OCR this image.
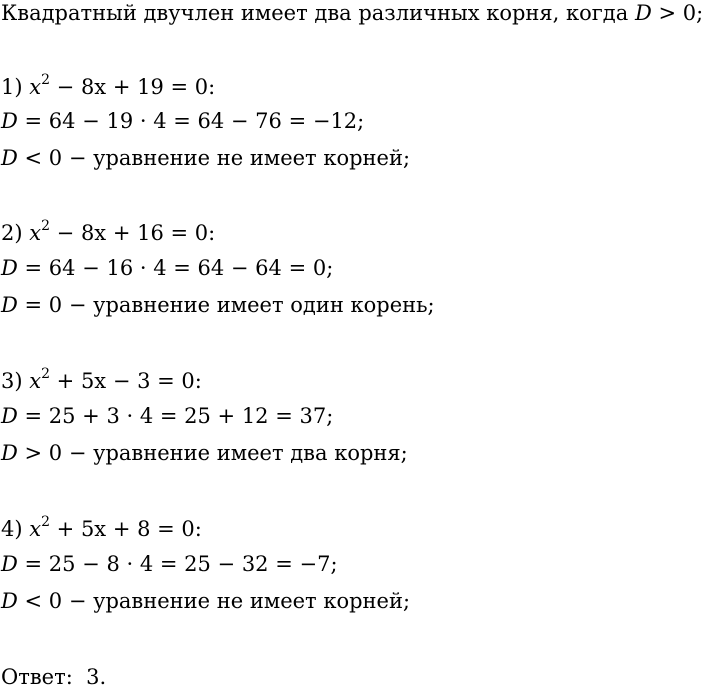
Квадратный двучлен имеет два различных корня, когда D > 0;
1) $x^2 - 8x + 19 = 0$:
D = 64 − 19 · 4 = 64 − 76 = −12;
D < 0 − уравнение не имеет корней;
2) $x^2 - 8x + 16 = 0$:
D = 64 − 16 · 4 = 64 − 64 = 0;
D = 0 − уравнение имеет один корень;
3) $x^2 + 5x - 3 = 0$:
D = 25 + 3 · 4 = 25 + 12 = 37;
D > 0 − уравнение имеет два корня;
4) $x^2 + 5x + 8 = 0$:
D = 25 − 8 · 4 = 25 − 32 = −7;
D < 0 − уравнение не имеет корней;
Ответ: 3.
